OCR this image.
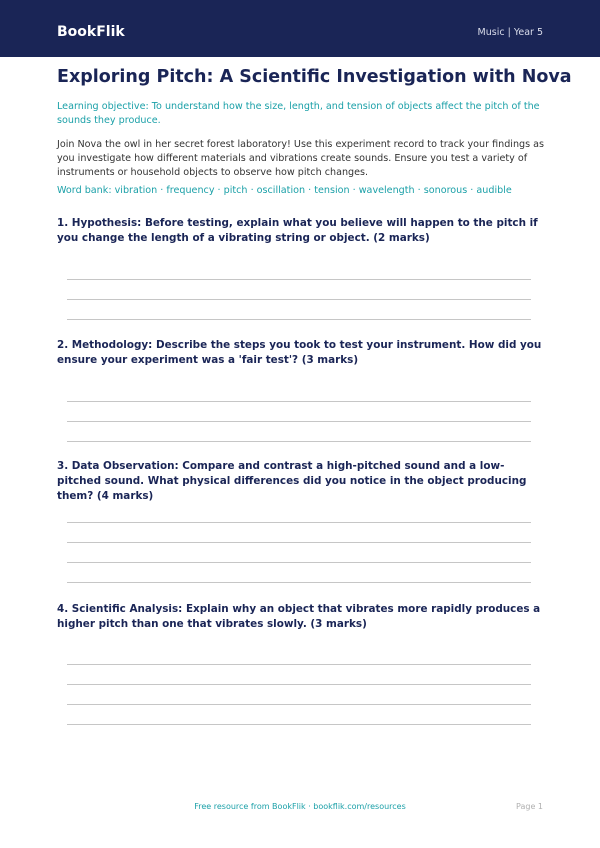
BookFlik	Music | Year 5
Exploring Pitch: A Scientific Investigation with Nova
Learning objective: To understand how the size, length, and tension of objects affect the pitch of the sounds they produce.
Join Nova the owl in her secret forest laboratory! Use this experiment record to track your findings as you investigate how different materials and vibrations create sounds. Ensure you test a variety of instruments or household objects to observe how pitch changes.
Word bank: vibration · frequency · pitch · oscillation · tension · wavelength · sonorous · audible
1. Hypothesis: Before testing, explain what you believe will happen to the pitch if you change the length of a vibrating string or object. (2 marks)
2. Methodology: Describe the steps you took to test your instrument. How did you ensure your experiment was a 'fair test'? (3 marks)
3. Data Observation: Compare and contrast a high-pitched sound and a low-pitched sound. What physical differences did you notice in the object producing them? (4 marks)
4. Scientific Analysis: Explain why an object that vibrates more rapidly produces a higher pitch than one that vibrates slowly. (3 marks)
Free resource from BookFlik · bookflik.com/resources	Page 1
